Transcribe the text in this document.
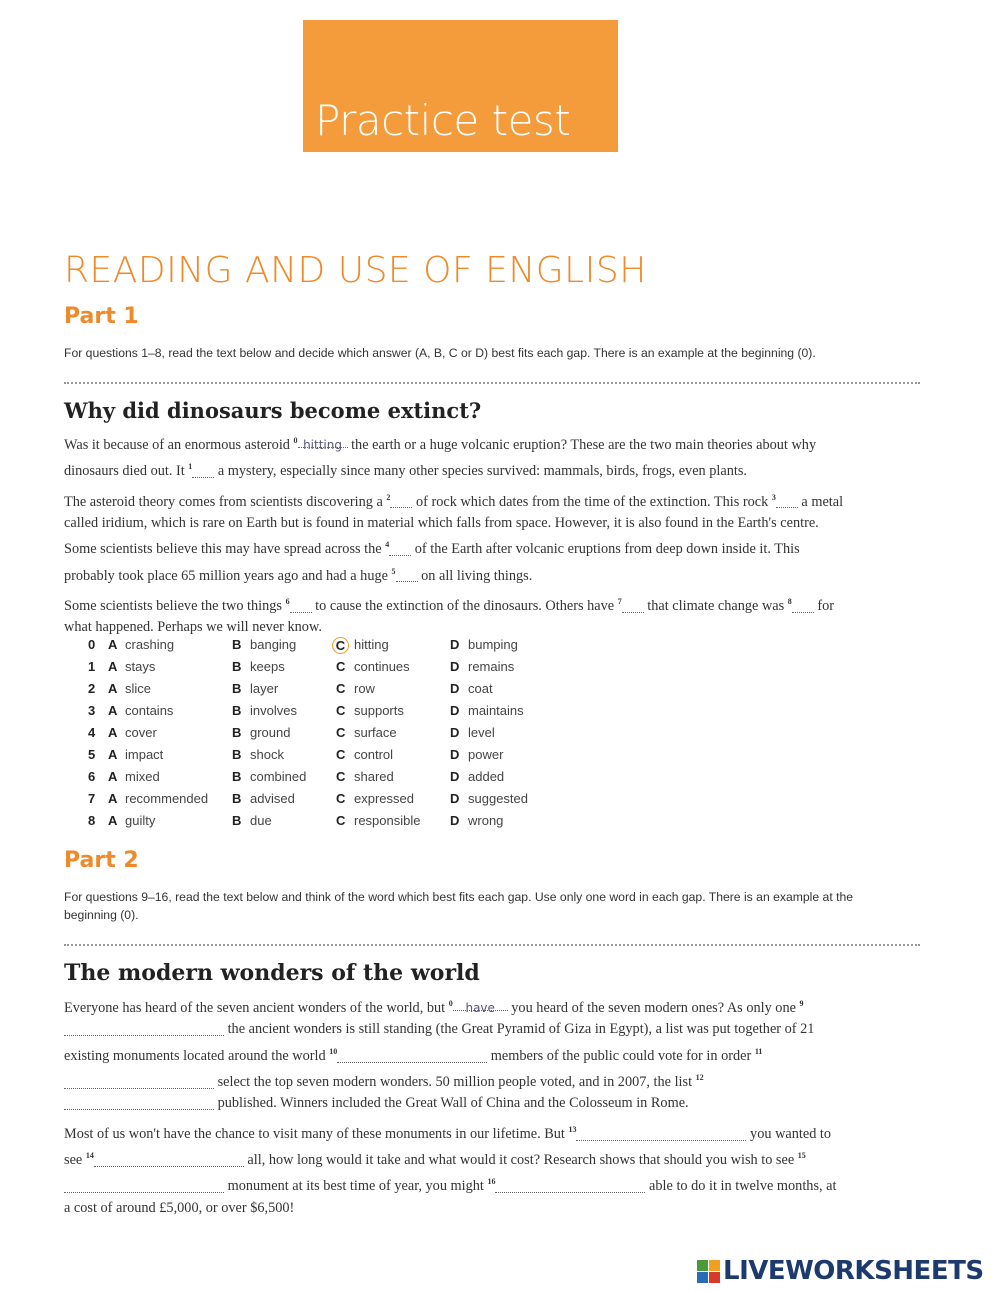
Practice test
READING AND USE OF ENGLISH
Part 1
For questions 1–8, read the text below and decide which answer (A, B, C or D) best fits each gap. There is an example at the beginning (0).
Why did dinosaurs become extinct?

Was it because of an enormous asteroid $^0$ hitting the earth or a huge volcanic eruption? These are the two main theories about why dinosaurs died out. It $^1$ a mystery, especially since many other species survived: mammals, birds, frogs, even plants.

The asteroid theory comes from scientists discovering a $^2$ of rock which dates from the time of the extinction. This rock $^3$ a metal called iridium, which is rare on Earth but is found in material which falls from space. However, it is also found in the Earth's centre. Some scientists believe this may have spread across the $^4$ of the Earth after volcanic eruptions from deep down inside it. This probably took place 65 million years ago and had a huge $^5$ on all living things.

Some scientists believe the two things $^6$ to cause the extinction of the dinosaurs. Others have $^7$ that climate change was $^8$ for what happened. Perhaps we will never know.

0 A crashing	B banging	C hitting	D bumping
1 A stays	B keeps	C continues	D remains
2 A slice	B layer	C row	D coat
3 A contains	B involves	C supports	D maintains
4 A cover	B ground	C surface	D level
5 A impact	B shock	C control	D power
6 A mixed	B combined C shared	D added
7 A recommended B advised	C expressed	D suggested
8 A guilty	B due	C responsible D wrong
Part 2
For questions 9–16, read the text below and think of the word which best fits each gap. Use only one word in each gap. There is an example at the beginning (0).
The modern wonders of the world

Everyone has heard of the seven ancient wonders of the world, but $^0$ have you heard of the seven modern ones? As only one $^9$ the ancient wonders is still standing (the Great Pyramid of Giza in Egypt), a list was put together of 21 existing monuments located around the world $^{10}$	members of the public could vote for in order $^{11}$ select the top seven modern wonders. 50 million people voted, and in 2007, the list $^{12}$ published. Winners included the Great Wall of China and the Colosseum in Rome.

Most of us won't have the chance to visit many of these monuments in our lifetime. But $^{13}$	you wanted to see $^{14}$	all, how long would it take and what would it cost? Research shows that should you wish to see $^{15}$ monument at its best time of year, you might $^{16}$	able to do it in twelve months, at a cost of around £5,000, or over $6,500!

LIVEWORKSHEETS
